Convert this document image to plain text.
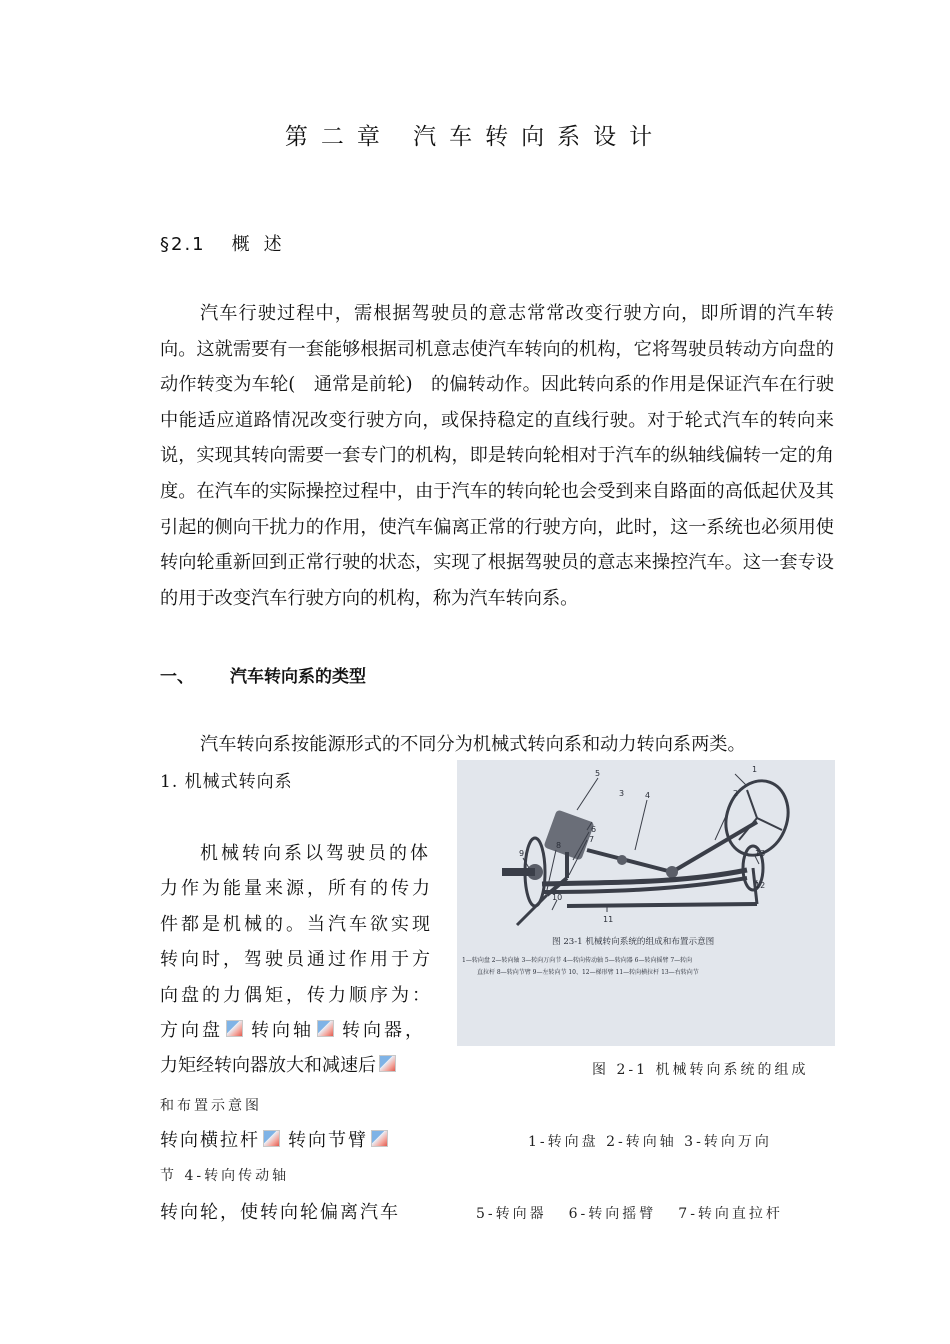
第二章 汽车转向系设计
§2.1 概述

汽车行驶过程中，需根据驾驶员的意志常常改变行驶方向，即所谓的汽车转向。这就需要有一套能够根据司机意志使汽车转向的机构，它将驾驶员转动方向盘的动作转变为车轮(　通常是前轮)　的偏转动作。因此转向系的作用是保证汽车在行驶中能适应道路情况改变行驶方向，或保持稳定的直线行驶。对于轮式汽车的转向来说，实现其转向需要一套专门的机构，即是转向轮相对于汽车的纵轴线偏转一定的角度。在汽车的实际操控过程中，由于汽车的转向轮也会受到来自路面的高低起伏及其引起的侧向干扰力的作用，使汽车偏离正常的行驶方向，此时，这一系统也必须用使转向轮重新回到正常行驶的状态，实现了根据驾驶员的意志来操控汽车。这一套专设的用于改变汽车行驶方向的机构，称为汽车转向系。

一、 汽车转向系的类型

汽车转向系按能源形式的不同分为机械式转向系和动力转向系两类。

1. 机械式转向系
机械转向系以驾驶员的体
力作为能量来源，所有的传力
件都是机械的。当汽车欲实现
转向时，驾驶员通过作用于方
向盘的力偶矩，传力顺序为：
方向盘 转向轴 转向器，
力矩经转向器放大和减速后
1
2
3	4
5
6
7
8
9
10
11
12
13
图 23-1 机械转向系统的组成和布置示意图
1—转向盘 2—转向轴 3—转向万向节 4—转向传动轴 5—转向器 6—转向摇臂 7—转向
直拉杆 8—转向节臂 9—左转向节 10、12—梯形臂 11—转向横拉杆 13—右转向节
图 2-1 机械转向系统的组成
和布置示意图
转向横拉杆 转向节臂	1-转向盘 2-转向轴 3-转向万向
节 4-转向传动轴
转向轮，使转向轮偏离汽车	5-转向器 6-转向摇臂 7-转向直拉杆
